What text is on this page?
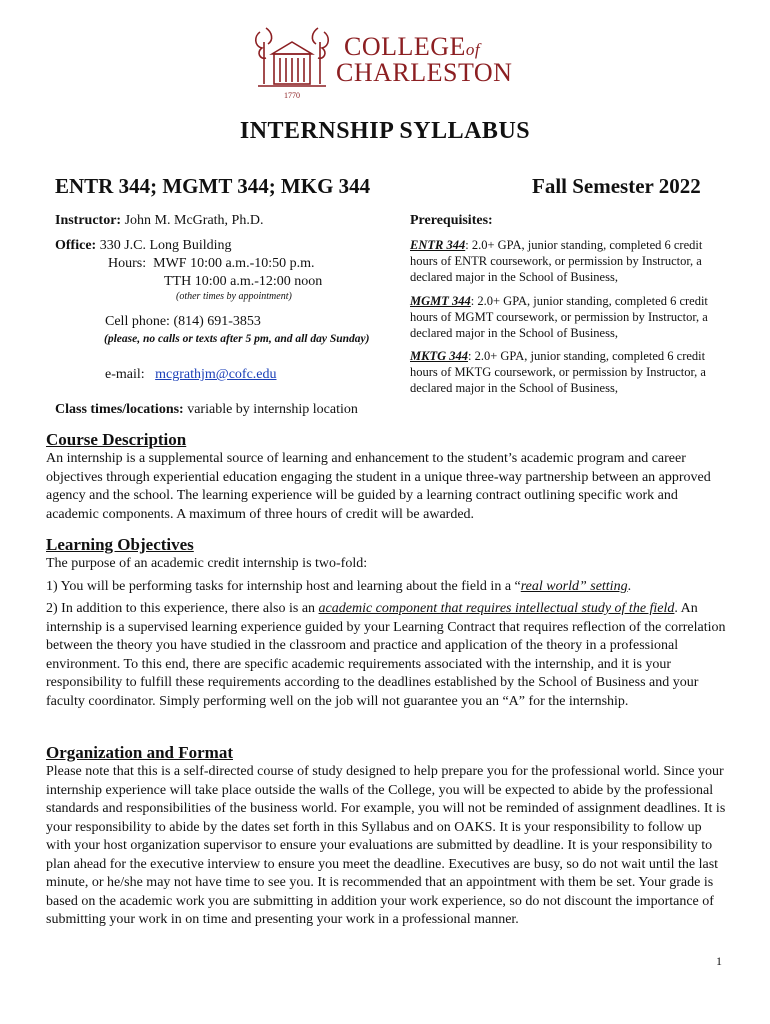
1770
COLLEGEof
CHARLESTON
INTERNSHIP SYLLABUS
ENTR 344; MGMT 344; MKG 344	Fall Semester 2022
Instructor: John M. McGrath, Ph.D.
Office: 330 J.C. Long Building
Hours: MWF 10:00 a.m.-10:50 p.m.
TTH 10:00 a.m.-12:00 noon
(other times by appointment)
Cell phone: (814) 691-3853
(please, no calls or texts after 5 pm, and all day Sunday)
e-mail: mcgrathjm@cofc.edu
Class times/locations: variable by internship location
Prerequisites:
ENTR 344: 2.0+ GPA, junior standing, completed 6 credit hours of ENTR coursework, or permission by Instructor, a declared major in the School of Business,
MGMT 344: 2.0+ GPA, junior standing, completed 6 credit hours of MGMT coursework, or permission by Instructor, a declared major in the School of Business,
MKTG 344: 2.0+ GPA, junior standing, completed 6 credit hours of MKTG coursework, or permission by Instructor, a declared major in the School of Business,

Course Description

An internship is a supplemental source of learning and enhancement to the student’s academic program and career objectives through experiential education engaging the student in a unique three-way partnership between an approved agency and the school. The learning experience will be guided by a learning contract outlining specific work and academic components. A maximum of three hours of credit will be awarded.

Learning Objectives

The purpose of an academic credit internship is two-fold:

1) You will be performing tasks for internship host and learning about the field in a “real world” setting.

2) In addition to this experience, there also is an academic component that requires intellectual study of the field. An internship is a supervised learning experience guided by your Learning Contract that requires reflection of the correlation between the theory you have studied in the classroom and practice and application of the theory in a professional environment. To this end, there are specific academic requirements associated with the internship, and it is your responsibility to fulfill these requirements according to the deadlines established by the School of Business and your faculty coordinator. Simply performing well on the job will not guarantee you an “A” for the internship.

Organization and Format

Please note that this is a self-directed course of study designed to help prepare you for the professional world. Since your internship experience will take place outside the walls of the College, you will be expected to abide by the professional standards and responsibilities of the business world. For example, you will not be reminded of assignment deadlines. It is your responsibility to abide by the dates set forth in this Syllabus and on OAKS. It is your responsibility to follow up with your host organization supervisor to ensure your evaluations are submitted by deadline. It is your responsibility to plan ahead for the executive interview to ensure you meet the deadline. Executives are busy, so do not wait until the last minute, or he/she may not have time to see you. It is recommended that an appointment with them be set. Your grade is based on the academic work you are submitting in addition your work experience, so do not discount the importance of submitting your work in on time and presenting your work in a professional manner.

1
